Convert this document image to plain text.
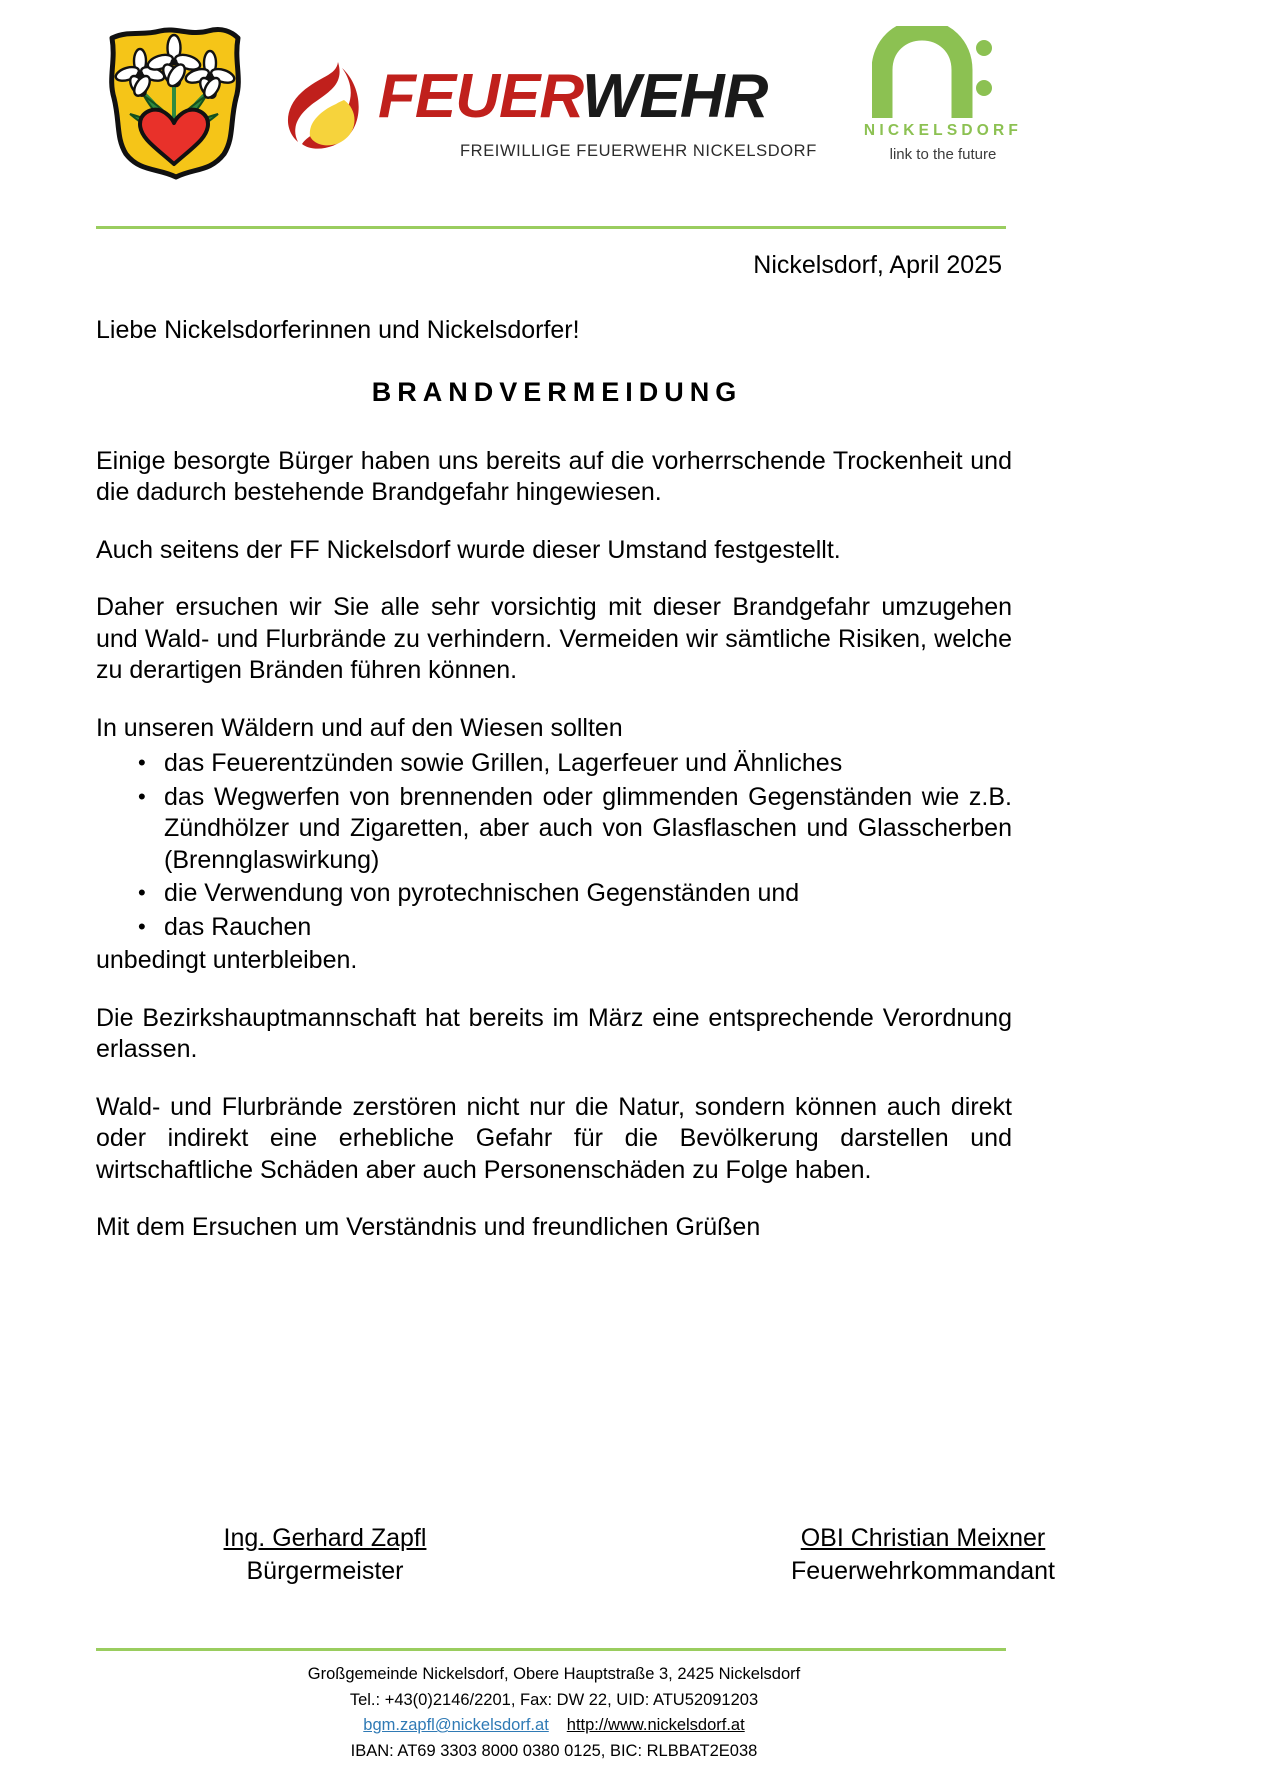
FEUERWEHR
FREIWILLIGE FEUERWEHR NICKELSDORF
NICKELSDORF
link to the future
Nickelsdorf, April 2025
Liebe Nickelsdorferinnen und Nickelsdorfer!
BRANDVERMEIDUNG

Einige besorgte Bürger haben uns bereits auf die vorherrschende Trockenheit und die dadurch bestehende Brandgefahr hingewiesen.

Auch seitens der FF Nickelsdorf wurde dieser Umstand festgestellt.

Daher ersuchen wir Sie alle sehr vorsichtig mit dieser Brandgefahr umzugehen und Wald- und Flurbrände zu verhindern. Vermeiden wir sämtliche Risiken, welche zu derartigen Bränden führen können.

In unseren Wäldern und auf den Wiesen sollten

• das Feuerentzünden sowie Grillen, Lagerfeuer und Ähnliches
• das Wegwerfen von brennenden oder glimmenden Gegenständen wie z.B. Zündhölzer und Zigaretten, aber auch von Glasflaschen und Glasscherben (Brennglaswirkung)
• die Verwendung von pyrotechnischen Gegenständen und
• das Rauchen

unbedingt unterbleiben.

Die Bezirkshauptmannschaft hat bereits im März eine entsprechende Verordnung erlassen.

Wald- und Flurbrände zerstören nicht nur die Natur, sondern können auch direkt oder indirekt eine erhebliche Gefahr für die Bevölkerung darstellen und wirtschaftliche Schäden aber auch Personenschäden zu Folge haben.

Mit dem Ersuchen um Verständnis und freundlichen Grüßen

Ing. Gerhard Zapfl
Bürgermeister
OBI Christian Meixner
Feuerwehrkommandant
Großgemeinde Nickelsdorf, Obere Hauptstraße 3, 2425 Nickelsdorf
Tel.: +43(0)2146/2201, Fax: DW 22, UID: ATU52091203
bgm.zapfl@nickelsdorf.at http://www.nickelsdorf.at
IBAN: AT69 3303 8000 0380 0125, BIC: RLBBAT2E038
